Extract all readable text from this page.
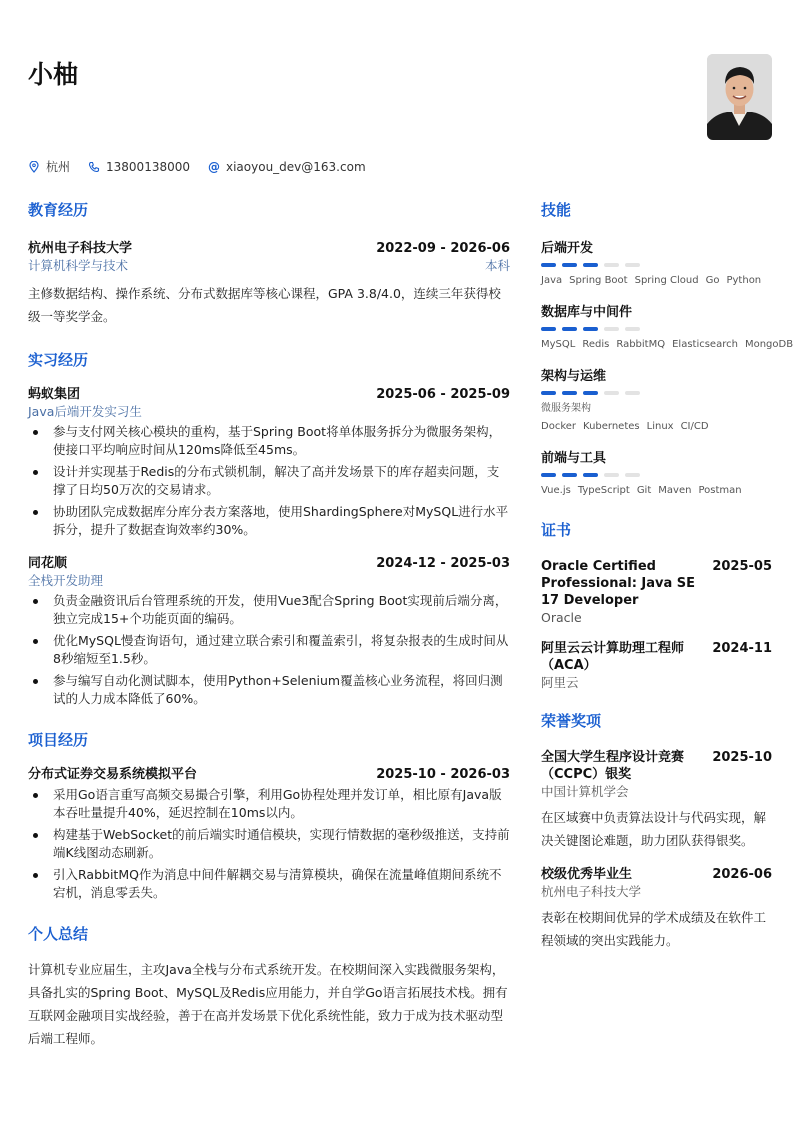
小柚
杭州	13800138000 @ xiaoyou_dev@163.com
教育经历
杭州电子科技大学	2022-09 - 2026-06
计算机科学与技术	本科
主修数据结构、操作系统、分布式数据库等核心课程，GPA 3.8/4.0，连续三年获得校级一等奖学金。
实习经历
蚂蚁集团	2025-06 - 2025-09
Java后端开发实习生
参与支付网关核心模块的重构，基于Spring Boot将单体服务拆分为微服务架构，使接口平均响应时间从120ms降低至45ms。
设计并实现基于Redis的分布式锁机制，解决了高并发场景下的库存超卖问题，支撑了日均50万次的交易请求。
协助团队完成数据库分库分表方案落地，使用ShardingSphere对MySQL进行水平拆分，提升了数据查询效率约30%。
同花顺	2024-12 - 2025-03
全栈开发助理
负责金融资讯后台管理系统的开发，使用Vue3配合Spring Boot实现前后端分离，独立完成15+个功能页面的编码。
优化MySQL慢查询语句，通过建立联合索引和覆盖索引，将复杂报表的生成时间从8秒缩短至1.5秒。
参与编写自动化测试脚本，使用Python+Selenium覆盖核心业务流程，将回归测试的人力成本降低了60%。
项目经历
分布式证券交易系统模拟平台	2025-10 - 2026-03
采用Go语言重写高频交易撮合引擎，利用Go协程处理并发订单，相比原有Java版本吞吐量提升40%，延迟控制在10ms以内。
构建基于WebSocket的前后端实时通信模块，实现行情数据的毫秒级推送，支持前端K线图动态刷新。
引入RabbitMQ作为消息中间件解耦交易与清算模块，确保在流量峰值期间系统不宕机，消息零丢失。
个人总结
计算机专业应届生，主攻Java全栈与分布式系统开发。在校期间深入实践微服务架构，具备扎实的Spring Boot、MySQL及Redis应用能力，并自学Go语言拓展技术栈。拥有互联网金融项目实战经验，善于在高并发场景下优化系统性能，致力于成为技术驱动型后端工程师。
技能
后端开发
Java Spring Boot Spring Cloud Go Python
数据库与中间件
MySQL Redis RabbitMQ Elasticsearch MongoDB
架构与运维
微服务架构Docker Kubernetes Linux CI/CD
前端与工具
Vue.js TypeScript Git Maven Postman
证书
Oracle Certified Professional: Java SE 17 Developer
2025-05
Oracle
阿里云云计算助理工程师（ACA）
2024-11
阿里云
荣誉奖项
全国大学生程序设计竞赛（CCPC）银奖
2025-10
中国计算机学会
在区域赛中负责算法设计与代码实现，解决关键图论难题，助力团队获得银奖。
校级优秀毕业生	2026-06
杭州电子科技大学
表彰在校期间优异的学术成绩及在软件工程领域的突出实践能力。
